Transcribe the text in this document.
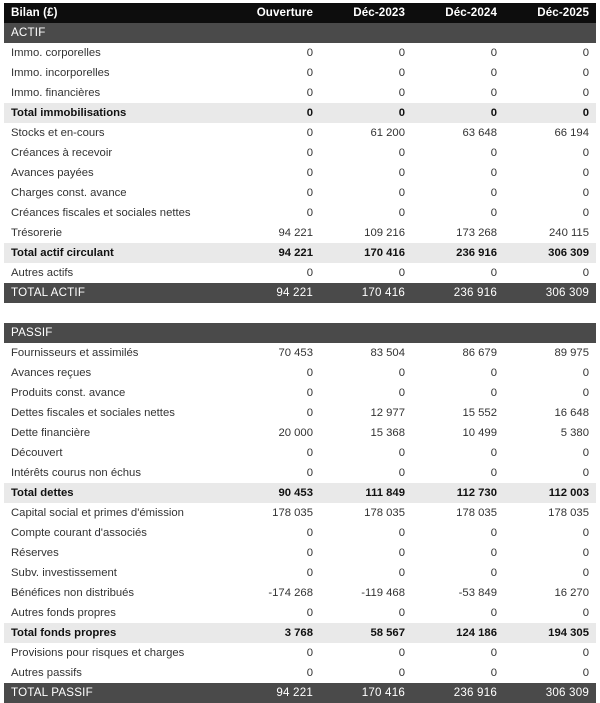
Bilan (£)	Ouverture	Déc-2023	Déc-2024	Déc-2025
ACTIF				
Immo. corporelles	0	0	0	0
Immo. incorporelles	0	0	0	0
Immo. financières	0	0	0	0
Total immobilisations	0	0	0	0
Stocks et en-cours	0	61 200	63 648	66 194
Créances à recevoir	0	0	0	0
Avances payées	0	0	0	0
Charges const. avance	0	0	0	0
Créances fiscales et sociales nettes	0	0	0	0
Trésorerie	94 221	109 216	173 268	240 115
Total actif circulant	94 221	170 416	236 916	306 309
Autres actifs	0	0	0	0
TOTAL ACTIF	94 221	170 416	236 916	306 309

PASSIF				
Fournisseurs et assimilés	70 453	83 504	86 679	89 975
Avances reçues	0	0	0	0
Produits const. avance	0	0	0	0
Dettes fiscales et sociales nettes	0	12 977	15 552	16 648
Dette financière	20 000	15 368	10 499	5 380
Découvert	0	0	0	0
Intérêts courus non échus	0	0	0	0
Total dettes	90 453	111 849	112 730	112 003
Capital social et primes d'émission	178 035	178 035	178 035	178 035
Compte courant d'associés	0	0	0	0
Réserves	0	0	0	0
Subv. investissement	0	0	0	0
Bénéfices non distribués	-174 268	-119 468	-53 849	16 270
Autres fonds propres	0	0	0	0
Total fonds propres	3 768	58 567	124 186	194 305
Provisions pour risques et charges	0	0	0	0
Autres passifs	0	0	0	0
TOTAL PASSIF	94 221	170 416	236 916	306 309
